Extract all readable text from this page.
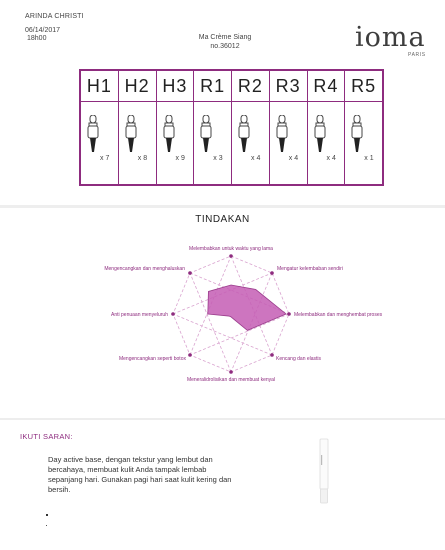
ARINDA CHRISTI
06/14/2017
18h00	Ma Crème Siang
no.36012	ioma
PARIS
H1 H2 H3 R1 R2 R3 R4 R5
x 7	x 8	x 9	x 3	x 4	x 4	x 4	x 1
TINDAKAN
Melembabkan untuk waktu yang lama
Mengatur kelembaban sendiri
Melembabkan dan menghembat proses
Kencang dan elastis
Meneralidrolisikan dan membuat kenyal
Mengencangkan seperti botox
Anti penuaan menyeluruh
Mengencangkan dan menghaluskan
IKUTI SARAN:
Day active base, dengan tekstur yang lembut dan bercahaya, membuat kulit Anda tampak lembab sepanjang hari. Gunakan pagi hari saat kulit kering dan bersih.
